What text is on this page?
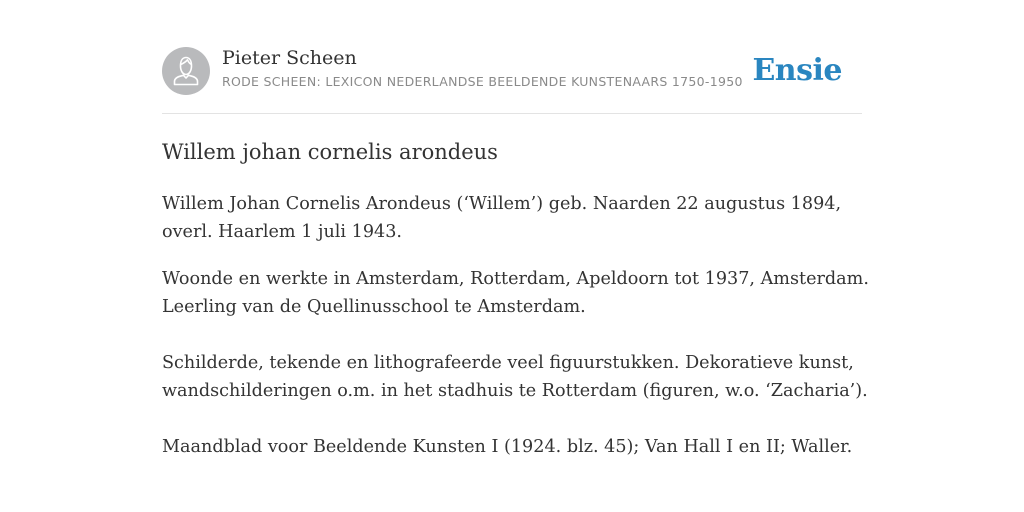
Pieter Scheen
RODE SCHEEN: LEXICON NEDERLANDSE BEELDENDE KUNSTENAARS 1750-1950 Ensie
Willem johan cornelis arondeus

Willem Johan Cornelis Arondeus (‘Willem’) geb. Naarden 22 augustus 1894, overl. Haarlem 1 juli 1943.

Woonde en werkte in Amsterdam, Rotterdam, Apeldoorn tot 1937, Amsterdam. Leerling van de Quellinusschool te Amsterdam.

Schilderde, tekende en lithografeerde veel figuurstukken. Dekoratieve kunst, wandschilderingen o.m. in het stadhuis te Rotterdam (figuren, w.o. ‘Zacharia’).

Maandblad voor Beeldende Kunsten I (1924. blz. 45); Van Hall I en II; Waller.
